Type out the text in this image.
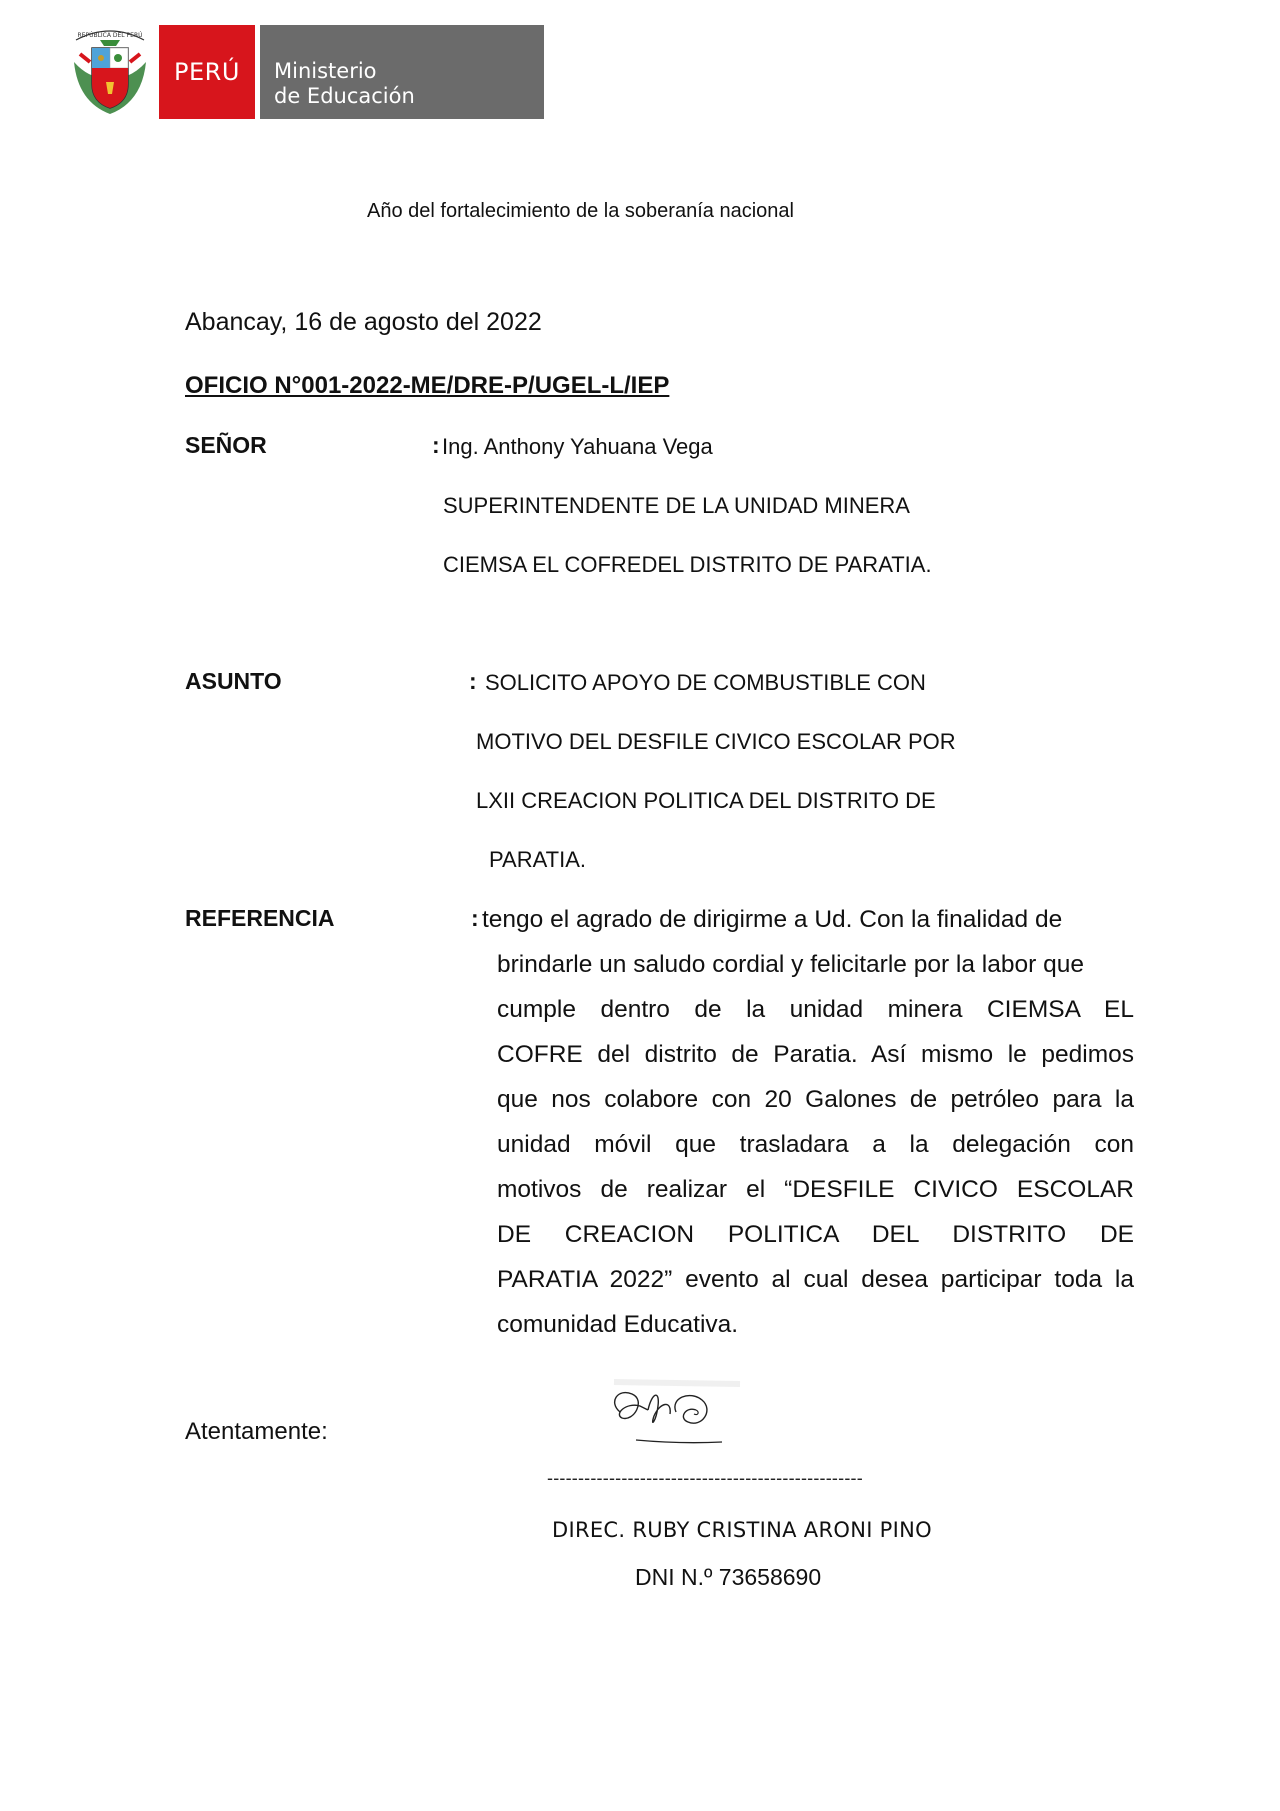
REPÚBLICA DEL PERÚ
PERÚ Ministerio
de Educación
Año del fortalecimiento de la soberanía nacional
Abancay, 16 de agosto del 2022
OFICIO N°001-2022-ME/DRE-P/UGEL-L/IEP
SEÑOR	: Ing. Anthony Yahuana Vega
SUPERINTENDENTE DE LA UNIDAD MINERA
CIEMSA EL COFREDEL DISTRITO DE PARATIA.
ASUNTO	: SOLICITO APOYO DE COMBUSTIBLE CON
MOTIVO DEL DESFILE CIVICO ESCOLAR POR
LXII CREACION POLITICA DEL DISTRITO DE
PARATIA.
REFERENCIA	: tengo el agrado de dirigirme a Ud. Con la finalidad de
brindarle un saludo cordial y felicitarle por la labor que
cumple dentro de la unidad minera CIEMSA EL
COFRE del distrito de Paratia. Así mismo le pedimos
que nos colabore con 20 Galones de petróleo para la
unidad móvil que trasladara a la delegación con
motivos de realizar el “DESFILE CIVICO ESCOLAR
DE CREACION POLITICA DEL DISTRITO DE
PARATIA 2022” evento al cual desea participar toda la
comunidad Educativa.
Atentamente:
---------------------------------------------------
DIREC. RUBY CRISTINA ARONI PINO
DNI N.º 73658690
